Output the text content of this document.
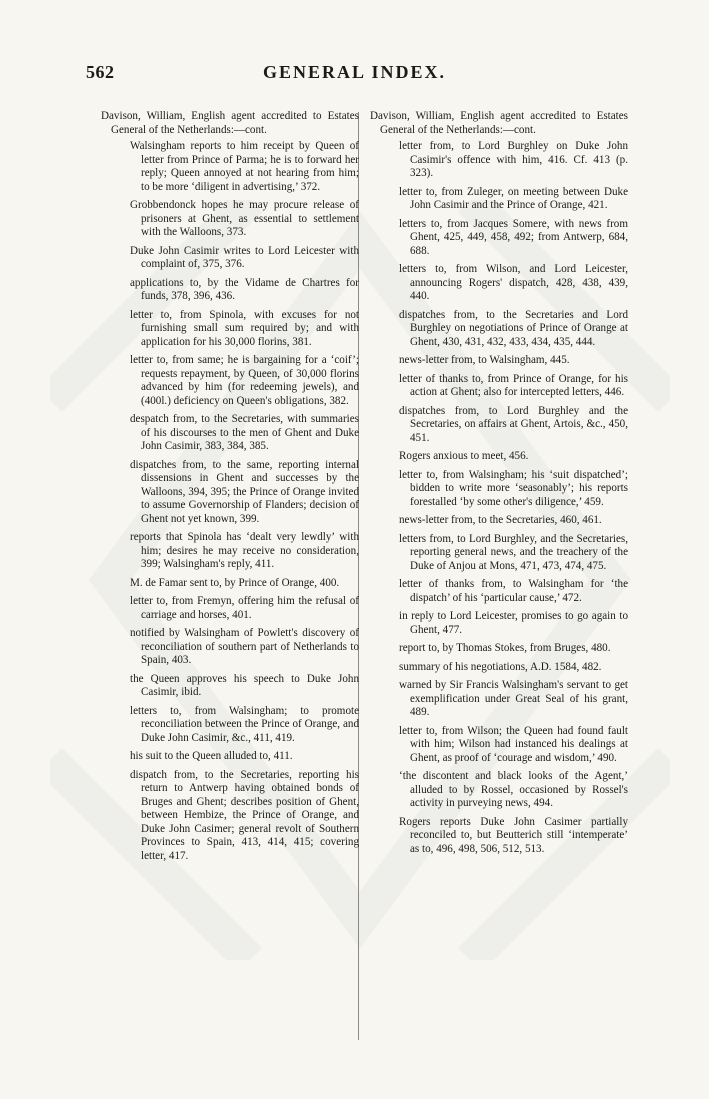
562	GENERAL INDEX.

Davison, William, English agent accredited to Estates General of the Netherlands:—cont.

Walsingham reports to him receipt by Queen of letter from Prince of Parma; he is to forward her reply; Queen annoyed at not hearing from him; to be more ‘diligent in advertising,’ 372.

Grobbendonck hopes he may procure release of prisoners at Ghent, as essential to settlement with the Walloons, 373.

Duke John Casimir writes to Lord Leicester with complaint of, 375, 376.

applications to, by the Vidame de Chartres for funds, 378, 396, 436.

letter to, from Spinola, with excuses for not furnishing small sum required by; and with application for his 30,000 florins, 381.

letter to, from same; he is bargaining for a ‘coif’; requests repayment, by Queen, of 30,000 florins advanced by him (for redeeming jewels), and (400l.) deficiency on Queen's obligations, 382.

despatch from, to the Secretaries, with summaries of his discourses to the men of Ghent and Duke John Casimir, 383, 384, 385.

dispatches from, to the same, reporting internal dissensions in Ghent and successes by the Walloons, 394, 395; the Prince of Orange invited to assume Governorship of Flanders; decision of Ghent not yet known, 399.

reports that Spinola has ‘dealt very lewdly’ with him; desires he may receive no consideration, 399; Walsingham's reply, 411.

M. de Famar sent to, by Prince of Orange, 400.

letter to, from Fremyn, offering him the refusal of carriage and horses, 401.

notified by Walsingham of Powlett's discovery of reconciliation of southern part of Netherlands to Spain, 403.

the Queen approves his speech to Duke John Casimir, ibid.

letters to, from Walsingham; to promote reconciliation between the Prince of Orange, and Duke John Casimir, &c., 411, 419.

his suit to the Queen alluded to, 411.

dispatch from, to the Secretaries, reporting his return to Antwerp having obtained bonds of Bruges and Ghent; describes position of Ghent, between Hembize, the Prince of Orange, and Duke John Casimer; general revolt of Southern Provinces to Spain, 413, 414, 415; covering letter, 417.

Davison, William, English agent accredited to Estates General of the Netherlands:—cont.

letter from, to Lord Burghley on Duke John Casimir's offence with him, 416. Cf. 413 (p. 323).

letter to, from Zuleger, on meeting between Duke John Casimir and the Prince of Orange, 421.

letters to, from Jacques Somere, with news from Ghent, 425, 449, 458, 492; from Antwerp, 684, 688.

letters to, from Wilson, and Lord Leicester, announcing Rogers' dispatch, 428, 438, 439, 440.

dispatches from, to the Secretaries and Lord Burghley on negotiations of Prince of Orange at Ghent, 430, 431, 432, 433, 434, 435, 444.

news-letter from, to Walsingham, 445.

letter of thanks to, from Prince of Orange, for his action at Ghent; also for intercepted letters, 446.

dispatches from, to Lord Burghley and the Secretaries, on affairs at Ghent, Artois, &c., 450, 451.

Rogers anxious to meet, 456.

letter to, from Walsingham; his ‘suit dispatched’; bidden to write more ‘seasonably’; his reports forestalled ‘by some other's diligence,’ 459.

news-letter from, to the Secretaries, 460, 461.

letters from, to Lord Burghley, and the Secretaries, reporting general news, and the treachery of the Duke of Anjou at Mons, 471, 473, 474, 475.

letter of thanks from, to Walsingham for ‘the dispatch’ of his ‘particular cause,’ 472.

in reply to Lord Leicester, promises to go again to Ghent, 477.

report to, by Thomas Stokes, from Bruges, 480.

summary of his negotiations, A.D. 1584, 482.

warned by Sir Francis Walsingham's servant to get exemplification under Great Seal of his grant, 489.

letter to, from Wilson; the Queen had found fault with him; Wilson had instanced his dealings at Ghent, as proof of ‘courage and wisdom,’ 490.

‘the discontent and black looks of the Agent,’ alluded to by Rossel, occasioned by Rossel's activity in purveying news, 494.

Rogers reports Duke John Casimer partially reconciled to, but Beutterich still ‘intemperate’ as to, 496, 498, 506, 512, 513.
